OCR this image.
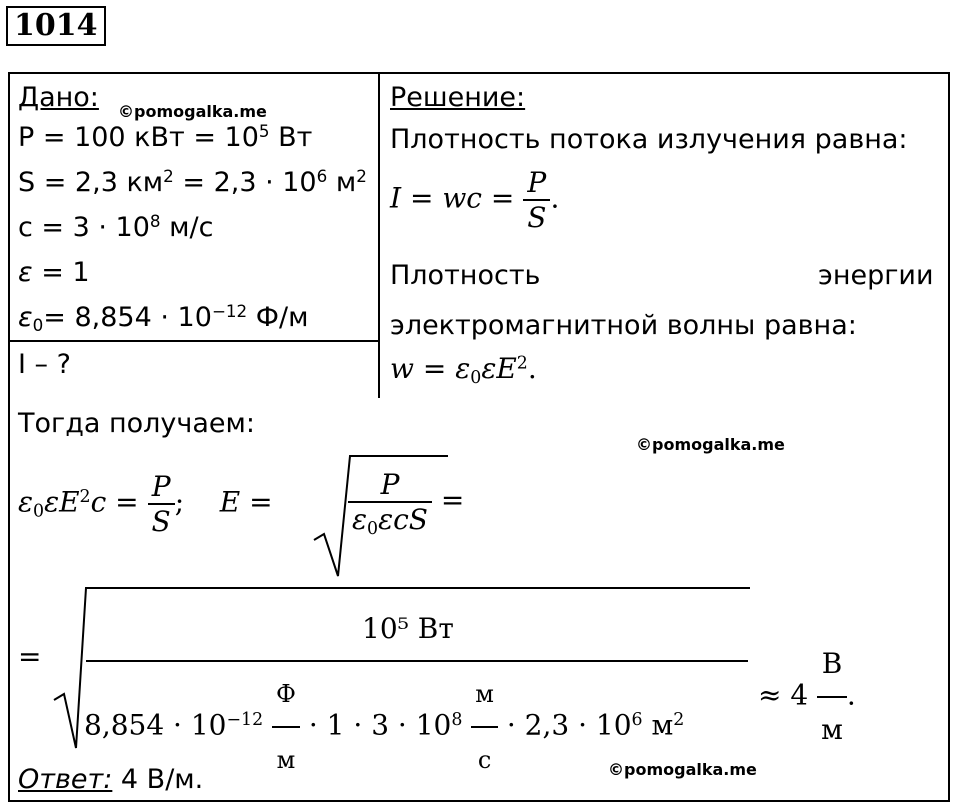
1014
Дано: ©pomogalka.me
P = 100 кВт = $10^5$ Вт
S = 2,3 $км^2 = 2,3 \cdot 10^6$ $м^2$
$c = 3 \cdot 10^8$ м/с
ε = 1
$\varepsilon_0= 8,854 \cdot 10^{-12}$ Ф/м
I – ?
Решение:
Плотность потока излучения равна:
I = wc = $\frac{P}{S}$ .
Плотность	энергии
электромагнитной волны равна:
$w = \varepsilon_0\varepsilon E^2$.
Тогда получаем:
©pomogalka.me
$\varepsilon_0\varepsilon E^2c = \frac{P}{S}$ ;    E =	$\frac{P}{\varepsilon_0\varepsilon cS}$ =
=
10⁵ Вт
$8,854 \cdot 10^{-12} \frac{Ф}{м} \cdot 1 \cdot 3 \cdot 10^8 \frac{м}{с} \cdot 2,3 \cdot 10^6$ $м^2$
≈ $4 \frac{В}{м}$ .
Ответ: 4 В/м.	©pomogalka.me
